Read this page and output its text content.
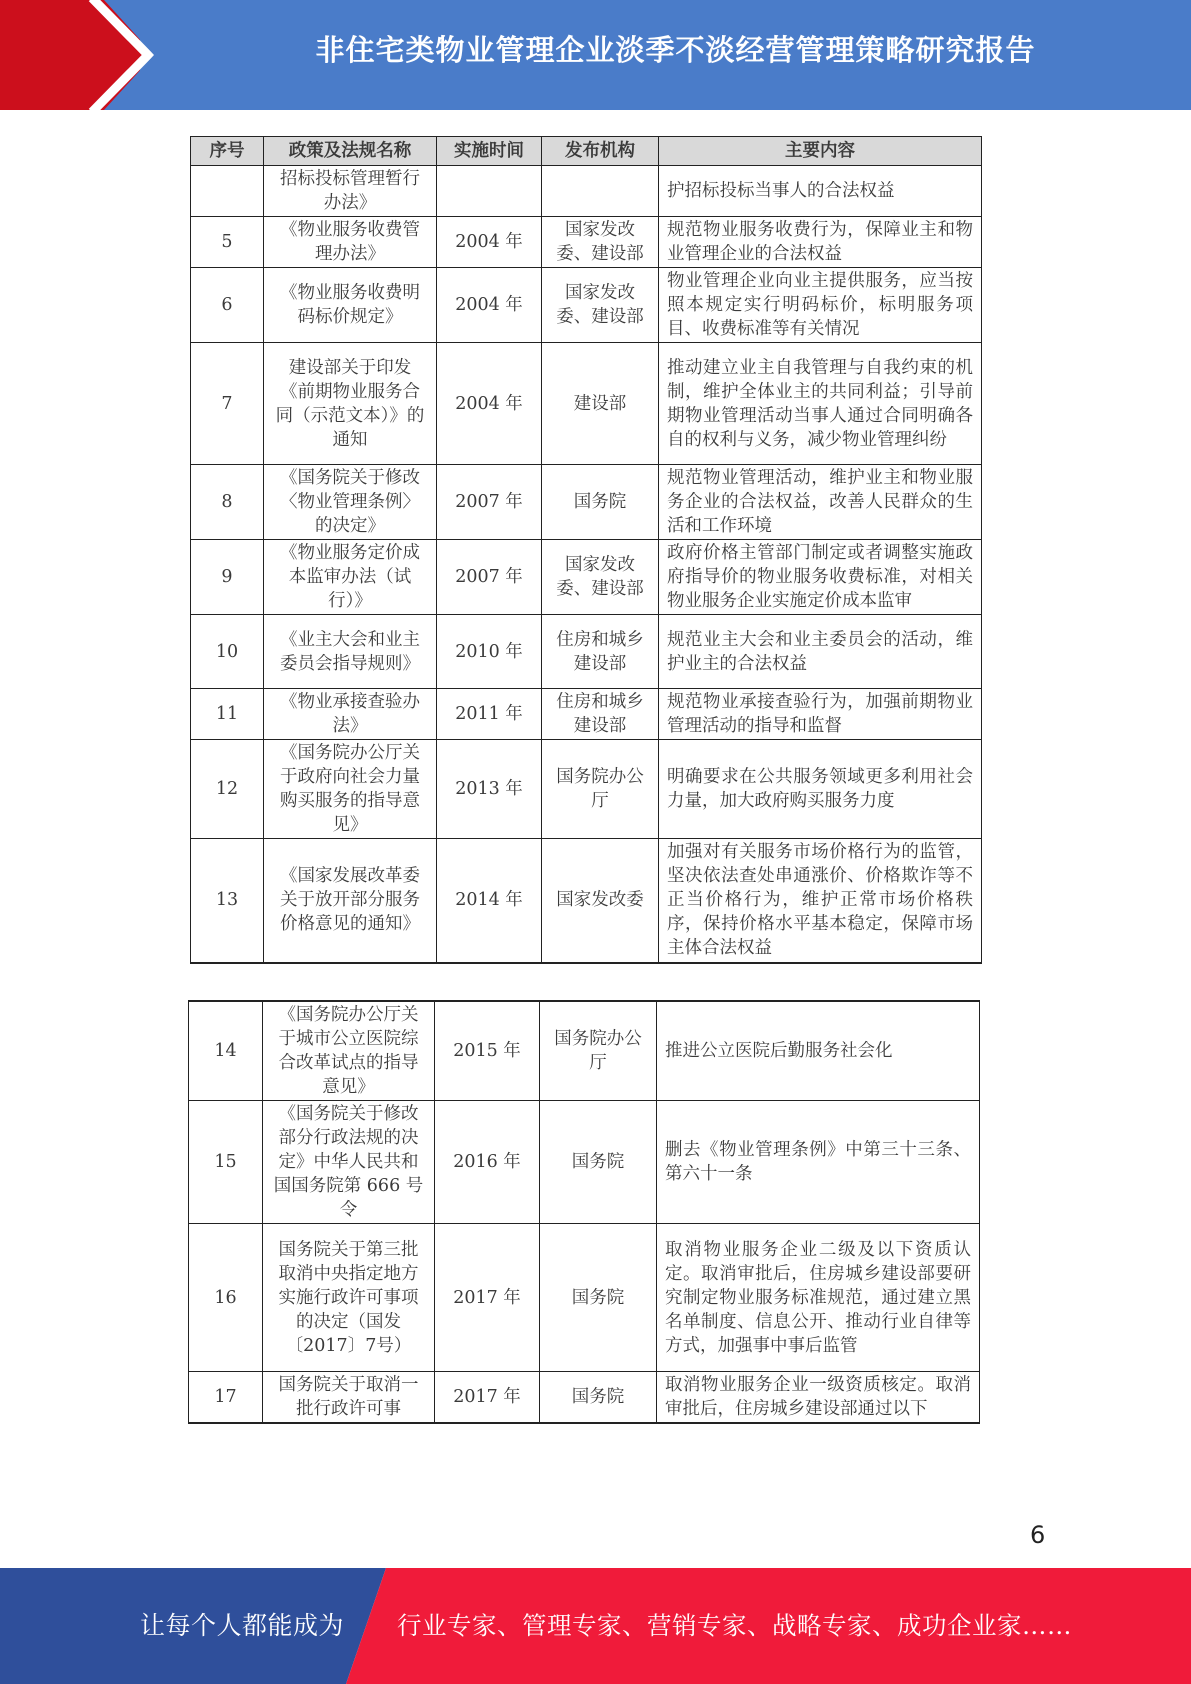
非住宅类物业管理企业淡季不淡经营管理策略研究报告
序号	政策及法规名称	实施时间	发布机构	主要内容
	招标投标管理暂行办法》			护招标投标当事人的合法权益
5	《物业服务收费管理办法》	2004 年	国家发改委、建设部	规范物业服务收费行为，保障业主和物业管理企业的合法权益
6	《物业服务收费明码标价规定》	2004 年	国家发改委、建设部	物业管理企业向业主提供服务，应当按照本规定实行明码标价，标明服务项目、收费标准等有关情况
7	建设部关于印发《前期物业服务合同（示范文本）》的通知	2004 年	建设部	推动建立业主自我管理与自我约束的机制，维护全体业主的共同利益；引导前期物业管理活动当事人通过合同明确各自的权利与义务，减少物业管理纠纷
8	《国务院关于修改〈物业管理条例〉的决定》	2007 年	国务院	规范物业管理活动，维护业主和物业服务企业的合法权益，改善人民群众的生活和工作环境
9	《物业服务定价成本监审办法（试行）》	2007 年	国家发改委、建设部	政府价格主管部门制定或者调整实施政府指导价的物业服务收费标准，对相关物业服务企业实施定价成本监审
10	《业主大会和业主委员会指导规则》	2010 年	住房和城乡建设部	规范业主大会和业主委员会的活动，维护业主的合法权益
11	《物业承接查验办法》	2011 年	住房和城乡建设部	规范物业承接查验行为，加强前期物业管理活动的指导和监督
12	《国务院办公厅关于政府向社会力量购买服务的指导意见》	2013 年	国务院办公厅	明确要求在公共服务领域更多利用社会力量，加大政府购买服务力度
13	《国家发展改革委关于放开部分服务价格意见的通知》	2014 年	国家发改委	加强对有关服务市场价格行为的监管，坚决依法查处串通涨价、价格欺诈等不正当价格行为，维护正常市场价格秩序，保持价格水平基本稳定，保障市场主体合法权益
14	《国务院办公厅关于城市公立医院综合改革试点的指导意见》	2015 年	国务院办公厅	推进公立医院后勤服务社会化
15	《国务院关于修改部分行政法规的决定》中华人民共和国国务院第 666 号令	2016 年	国务院	删去《物业管理条例》中第三十三条、第六十一条
16	国务院关于第三批取消中央指定地方实施行政许可事项的决定（国发〔2017〕7号）	2017 年	国务院	取消物业服务企业二级及以下资质认定。取消审批后，住房城乡建设部要研究制定物业服务标准规范，通过建立黑名单制度、信息公开、推动行业自律等方式，加强事中事后监管
17	国务院关于取消一批行政许可事	2017 年	国务院	取消物业服务企业一级资质核定。取消审批后，住房城乡建设部通过以下
6
让每个人都能成为 行业专家、管理专家、营销专家、战略专家、成功企业家……
